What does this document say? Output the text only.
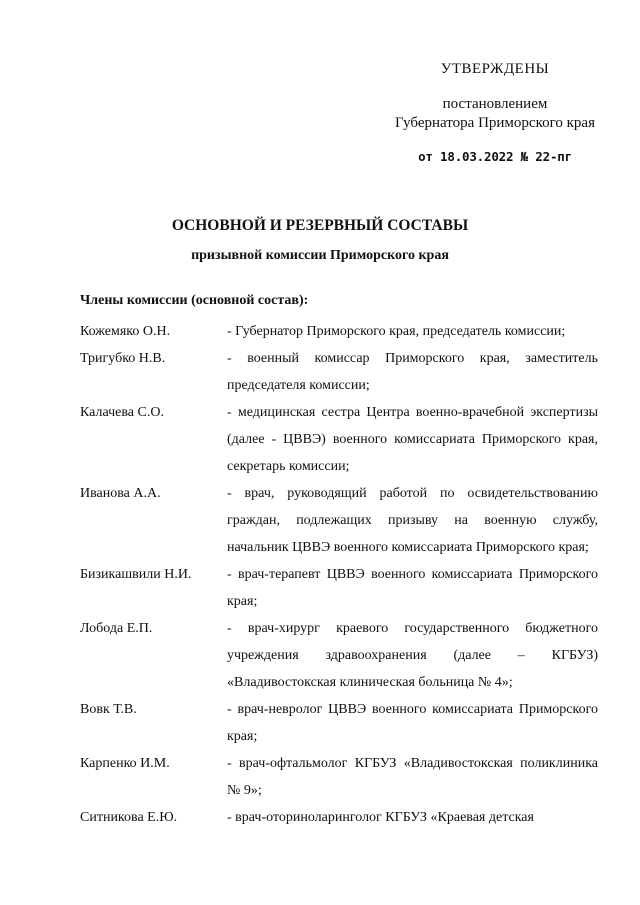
УТВЕРЖДЕНЫ
постановлением
Губернатора Приморского края
от 18.03.2022 № 22-пг
ОСНОВНОЙ И РЕЗЕРВНЫЙ СОСТАВЫ
призывной комиссии Приморского края
Члены комиссии (основной состав):
Кожемяко О.Н.	- Губернатор Приморского края, председатель комиссии;
Тригубко Н.В.	- военный комиссар Приморского края, заместитель председателя комиссии;
Калачева С.О.	- медицинская сестра Центра военно-врачебной экспертизы (далее - ЦВВЭ) военного комиссариата Приморского края, секретарь комиссии;
Иванова А.А.	- врач, руководящий работой по освидетельствованию граждан, подлежащих призыву на военную службу, начальник ЦВВЭ военного комиссариата Приморского края;
Бизикашвили Н.И.	- врач-терапевт ЦВВЭ военного комиссариата Приморского края;
Лобода Е.П.	- врач-хирург краевого государственного бюджетного учреждения здравоохранения (далее – КГБУЗ) «Владивостокская клиническая больница № 4»;
Вовк Т.В.	- врач-невролог ЦВВЭ военного комиссариата Приморского края;
Карпенко И.М.	- врач-офтальмолог КГБУЗ «Владивостокская поликлиника № 9»;
Ситникова Е.Ю.	- врач-оториноларинголог КГБУЗ «Краевая детская
